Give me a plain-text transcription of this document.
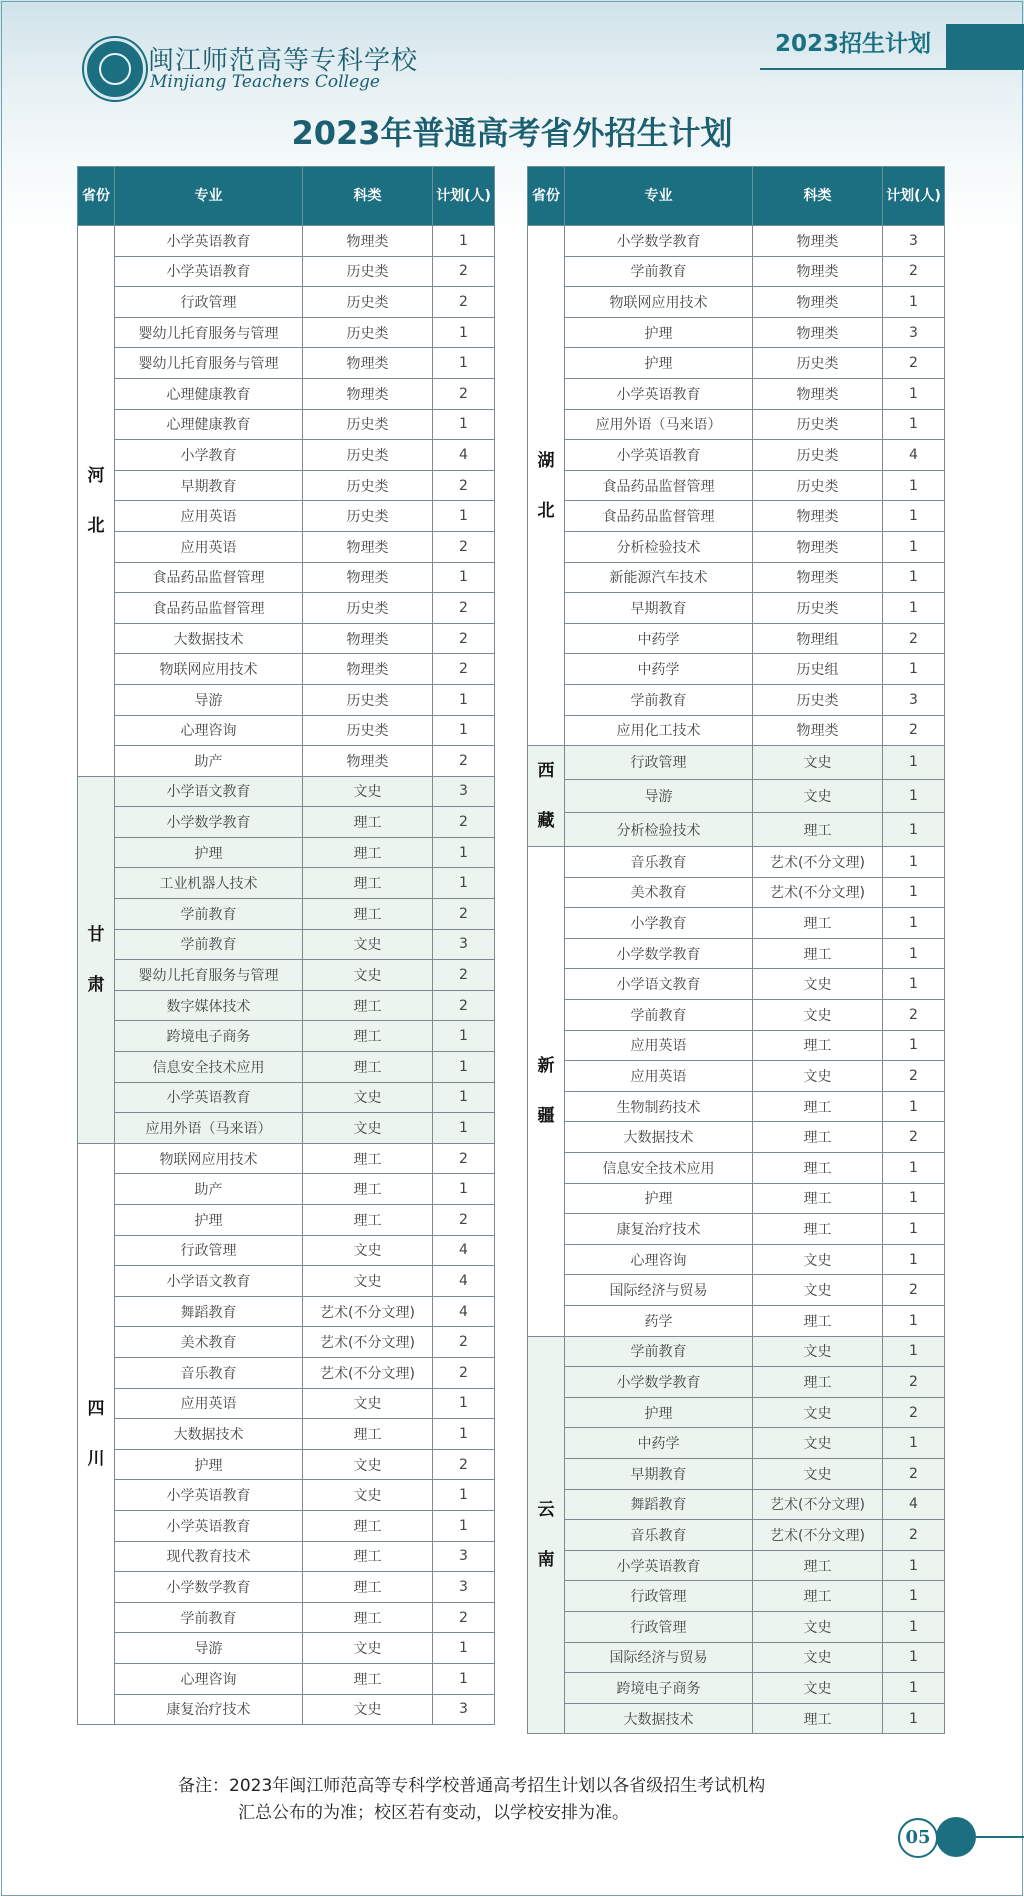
闽江师范高等专科学校
Minjiang Teachers College
2023招生计划
2023年普通高考省外招生计划
省份	专业	科类	计划(人)
河
北	小学英语教育	物理类	1
	小学英语教育	历史类	2
	行政管理	历史类	2
	婴幼儿托育服务与管理	历史类	1
	婴幼儿托育服务与管理	物理类	1
	心理健康教育	物理类	2
	心理健康教育	历史类	1
	小学教育	历史类	4
	早期教育	历史类	2
	应用英语	历史类	1
	应用英语	物理类	2
	食品药品监督管理	物理类	1
	食品药品监督管理	历史类	2
	大数据技术	物理类	2
	物联网应用技术	物理类	2
	导游	历史类	1
	心理咨询	历史类	1
	助产	物理类	2
甘
肃	小学语文教育	文史	3
	小学数学教育	理工	2
	护理	理工	1
	工业机器人技术	理工	1
	学前教育	理工	2
	学前教育	文史	3
	婴幼儿托育服务与管理	文史	2
	数字媒体技术	理工	2
	跨境电子商务	理工	1
	信息安全技术应用	理工	1
	小学英语教育	文史	1
	应用外语（马来语）	文史	1
四
川	物联网应用技术	理工	2
	助产	理工	1
	护理	理工	2
	行政管理	文史	4
	小学语文教育	文史	4
	舞蹈教育	艺术(不分文理)	4
	美术教育	艺术(不分文理)	2
	音乐教育	艺术(不分文理)	2
	应用英语	文史	1
	大数据技术	理工	1
	护理	文史	2
	小学英语教育	文史	1
	小学英语教育	理工	1
	现代教育技术	理工	3
	小学数学教育	理工	3
	学前教育	理工	2
	导游	文史	1
	心理咨询	理工	1
	康复治疗技术	文史	3
省份	专业	科类	计划(人)
湖
北	小学数学教育	物理类	3
	学前教育	物理类	2
	物联网应用技术	物理类	1
	护理	物理类	3
	护理	历史类	2
	小学英语教育	物理类	1
	应用外语（马来语）	历史类	1
	小学英语教育	历史类	4
	食品药品监督管理	历史类	1
	食品药品监督管理	物理类	1
	分析检验技术	物理类	1
	新能源汽车技术	物理类	1
	早期教育	历史类	1
	中药学	物理组	2
	中药学	历史组	1
	学前教育	历史类	3
	应用化工技术	物理类	2
西
藏	行政管理	文史	1
	导游	文史	1
	分析检验技术	理工	1
新
疆	音乐教育	艺术(不分文理)	1
	美术教育	艺术(不分文理)	1
	小学教育	理工	1
	小学数学教育	理工	1
	小学语文教育	文史	1
	学前教育	文史	2
	应用英语	理工	1
	应用英语	文史	2
	生物制药技术	理工	1
	大数据技术	理工	2
	信息安全技术应用	理工	1
	护理	理工	1
	康复治疗技术	理工	1
	心理咨询	文史	1
	国际经济与贸易	文史	2
	药学	理工	1
云
南	学前教育	文史	1
	小学数学教育	理工	2
	护理	文史	2
	中药学	文史	1
	早期教育	文史	2
	舞蹈教育	艺术(不分文理)	4
	音乐教育	艺术(不分文理)	2
	小学英语教育	理工	1
	行政管理	理工	1
	行政管理	文史	1
	国际经济与贸易	文史	1
	跨境电子商务	文史	1
	大数据技术	理工	1
备注：2023年闽江师范高等专科学校普通高考招生计划以各省级招生考试机构
汇总公布的为准；校区若有变动，以学校安排为准。
05
